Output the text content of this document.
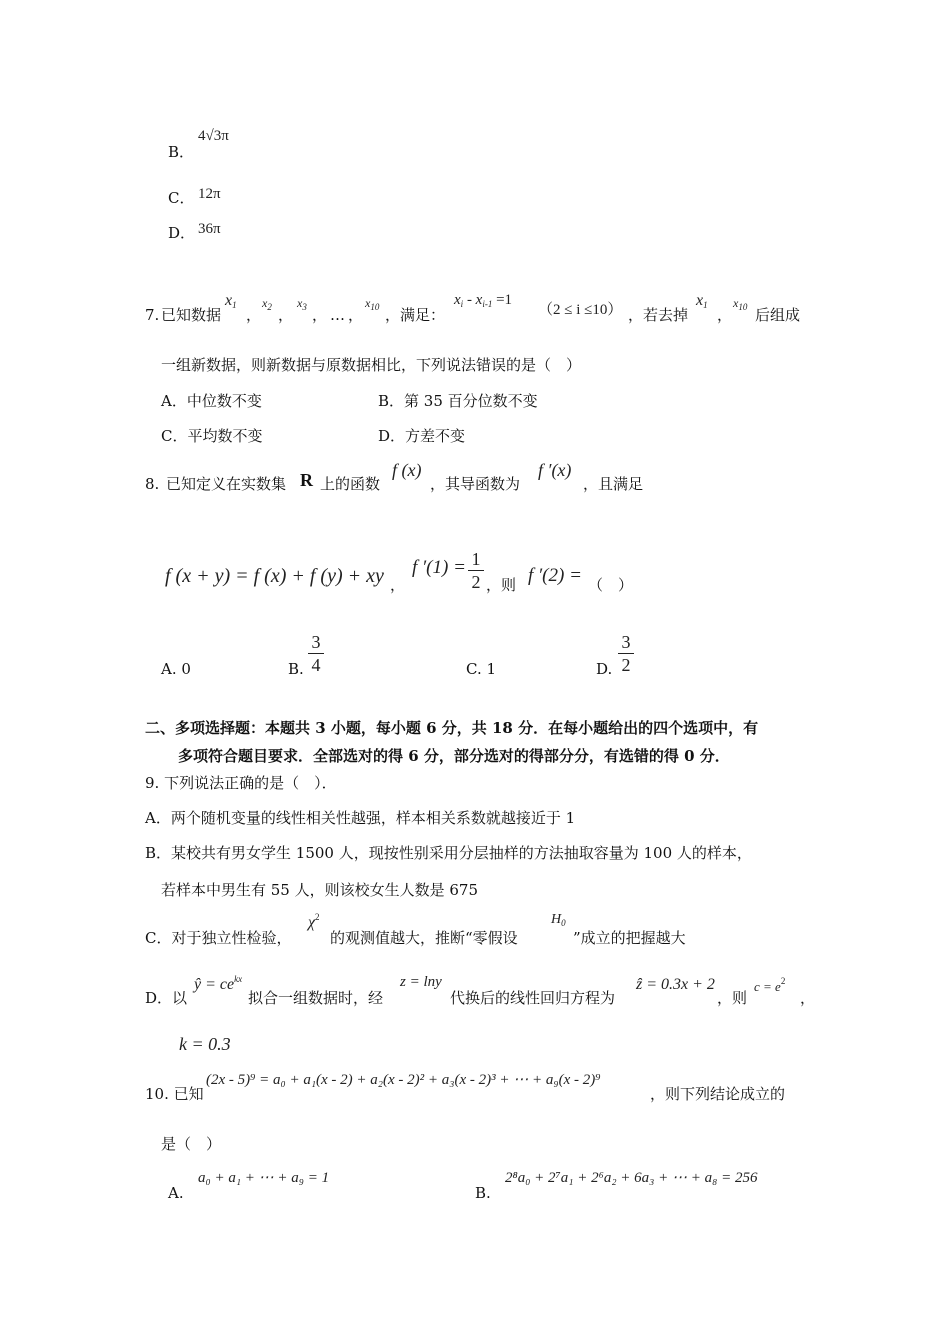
B．
4√3π
C． 12π
D． 36π
7. 已知数据
$x_1$
，
$x_2$ ，
$x_3$ ， … ，
$x_{10}$ ，满足：
$x_i - x_{i-1} =1$
（2 ≤ i ≤10） ，若去掉
$x_1$
，
$x_{10}$ 后组成
一组新数据，则新数据与原数据相比，下列说法错误的是（　）
A．中位数不变	B．第 35 百分位数不变
C．平均数不变	D．方差不变
8. 已知定义在实数集 R 上的函数
f (x)
，其导函数为
f ′(x)
，且满足
f (x + y) = f (x) + f (y) + xy ，
f ′(1) = 1
2 ，则 f ′(2) = （　）
A. 0	B.
3
4	C. 1	D.
3
2
二、多项选择题：本题共 3 小题，每小题 6 分，共 18 分．在每小题给出的四个选项中，有
多项符合题目要求．全部选对的得 6 分，部分选对的得部分分，有选错的得 0 分．
9. 下列说法正确的是（　）．
A．两个随机变量的线性相关性越强，样本相关系数就越接近于 1
B．某校共有男女学生 1500 人，现按性别采用分层抽样的方法抽取容量为 100 人的样本，
若样本中男生有 55 人，则该校女生人数是 675
C．对于独立性检验，
$\chi^2$
的观测值越大，推断“零假设
$H_0$
”成立的把握越大
D．以
ŷ = $ce^{kx}$
拟合一组数据时，经
z = lny
代换后的线性回归方程为
ẑ = 0.3x + 2
，则
$c = e^2$
，
k = 0.3
10. 已知
(2x - 5)⁹ = a₀ + a₁(x - 2) + a₂(x - 2)² + a₃(x - 2)³ + ⋯ + a₉(x - 2)⁹
，则下列结论成立的
是（　）
A.
a₀ + a₁ + ⋯ + a₉ = 1
B.
2⁸a₀ + 2⁷a₁ + 2⁶a₂ + 6a₃ + ⋯ + a₈ = 256
